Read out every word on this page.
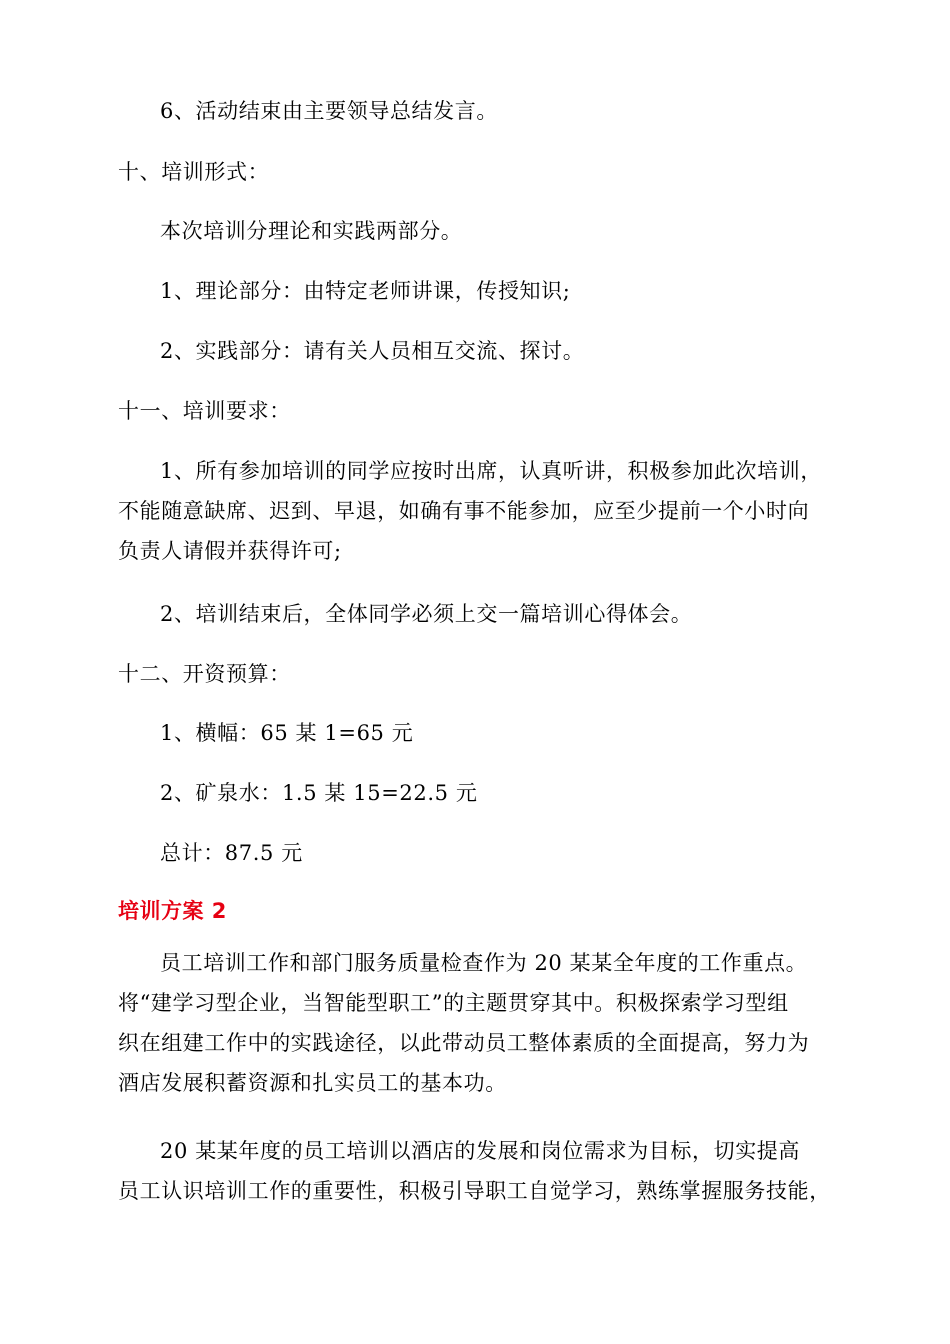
6、活动结束由主要领导总结发言。
十、培训形式：
本次培训分理论和实践两部分。
1、理论部分：由特定老师讲课，传授知识;
2、实践部分：请有关人员相互交流、探讨。
十一、培训要求：
1、所有参加培训的同学应按时出席，认真听讲，积极参加此次培训，
不能随意缺席、迟到、早退，如确有事不能参加，应至少提前一个小时向
负责人请假并获得许可;
2、培训结束后，全体同学必须上交一篇培训心得体会。
十二、开资预算：
1、横幅：65 某 1=65 元
2、矿泉水：1.5 某 15=22.5 元
总计：87.5 元
培训方案 2
员工培训工作和部门服务质量检查作为 20 某某全年度的工作重点。
将“建学习型企业，当智能型职工”的主题贯穿其中。积极探索学习型组
织在组建工作中的实践途径，以此带动员工整体素质的全面提高，努力为
酒店发展积蓄资源和扎实员工的基本功。
20 某某年度的员工培训以酒店的发展和岗位需求为目标，切实提高
员工认识培训工作的重要性，积极引导职工自觉学习，熟练掌握服务技能，
